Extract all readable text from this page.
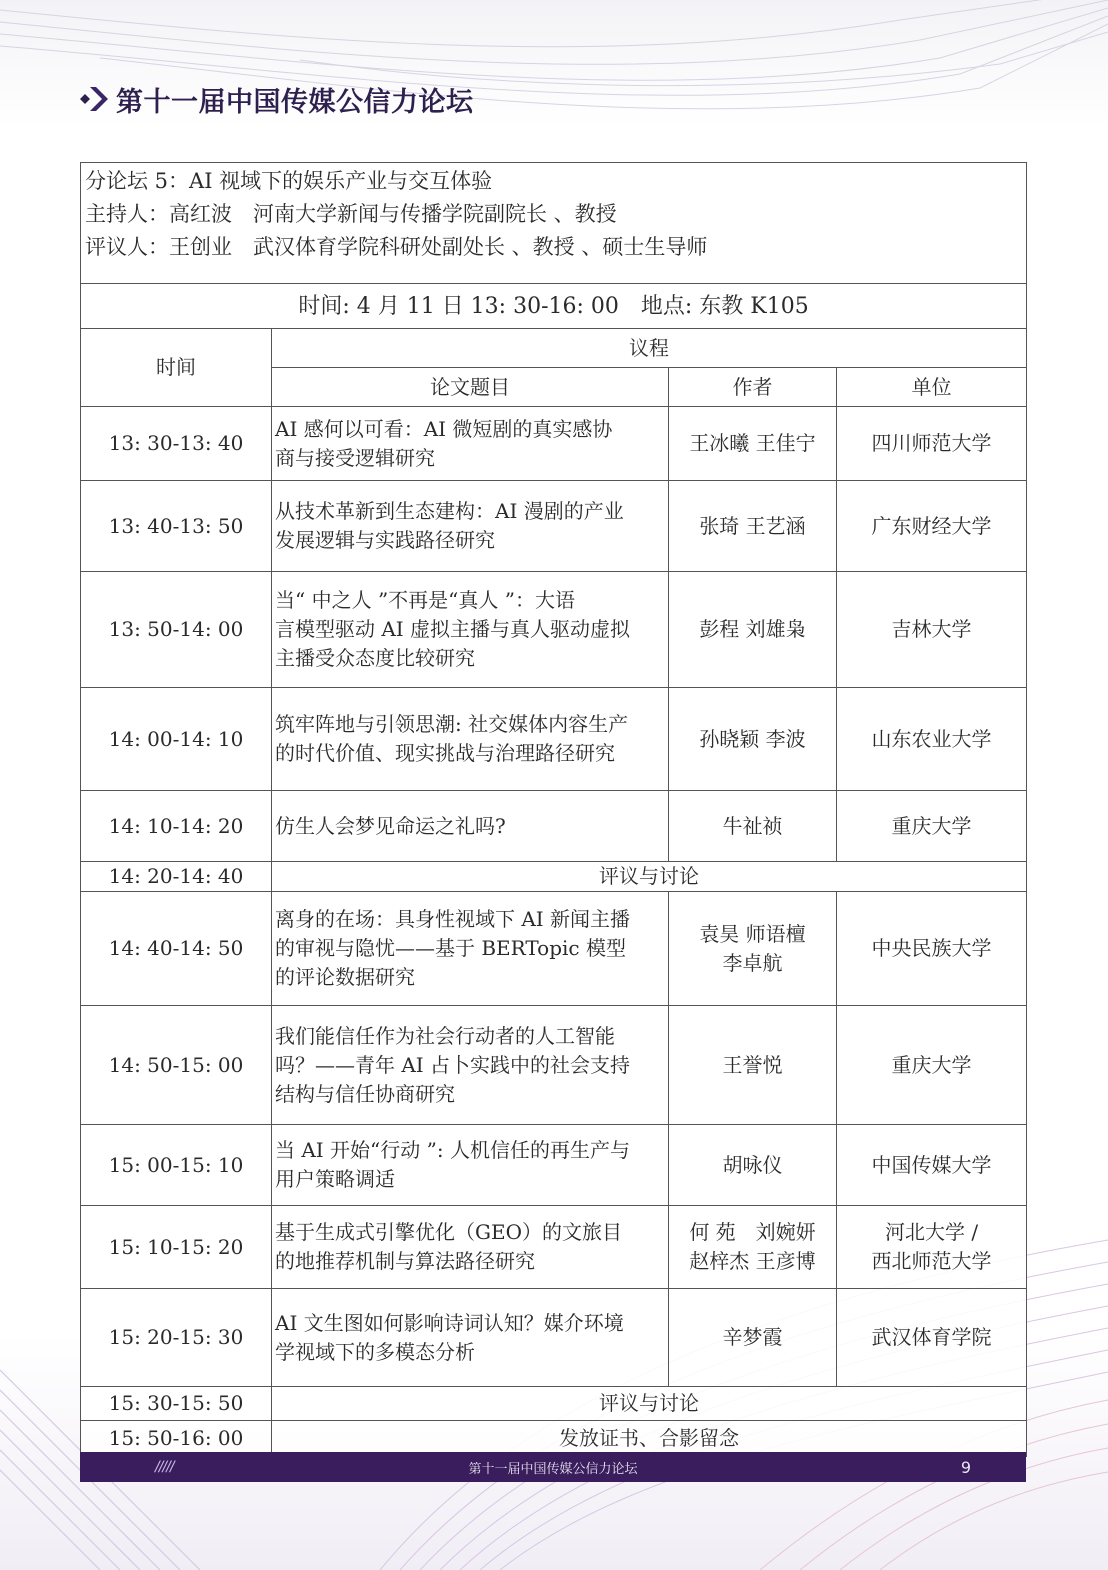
第十一届中国传媒公信力论坛
分论坛 5：AI 视域下的娱乐产业与交互体验
主持人：高红波　河南大学新闻与传播学院副院长 、教授
评议人：王创业　武汉体育学院科研处副处长 、教授 、硕士生导师			

时间: 4 月 11 日 13: 30-16: 00　地点: 东教 K105			
时间	议程		
	论文题目	作者	单位
13: 30-13: 40	AI 感何以可看：AI 微短剧的真实感协
商与接受逻辑研究	王冰曦 王佳宁	四川师范大学

13: 40-13: 50	从技术革新到生态建构：AI 漫剧的产业
发展逻辑与实践路径研究	张琦 王艺涵	广东财经大学

13: 50-14: 00	当“ 中之人 ”不再是“真人 ”：大语
言模型驱动 AI 虚拟主播与真人驱动虚拟
主播受众态度比较研究	彭程 刘雄枭	吉林大学

14: 00-14: 10	筑牢阵地与引领思潮: 社交媒体内容生产
的时代价值、现实挑战与治理路径研究	孙晓颖 李波	山东农业大学

14: 10-14: 20	仿生人会梦见命运之礼吗?	牛祉祯	重庆大学

14: 20-14: 40	评议与讨论		
14: 40-14: 50	离身的在场：具身性视域下 AI 新闻主播
的审视与隐忧——基于 BERTopic 模型
的评论数据研究	袁昊 师语檀
李卓航	中央民族大学

14: 50-15: 00	我们能信任作为社会行动者的人工智能
吗？——青年 AI 占卜实践中的社会支持
结构与信任协商研究	王誉悦	重庆大学

15: 00-15: 10	当 AI 开始“行动 ”: 人机信任的再生产与
用户策略调适	胡咏仪	中国传媒大学

15: 10-15: 20	基于生成式引擎优化（GEO）的文旅目
的地推荐机制与算法路径研究	何 苑　刘婉妍
赵梓杰 王彦博	河北大学 /
西北师范大学

15: 20-15: 30	AI 文生图如何影响诗词认知？媒介环境
学视域下的多模态分析	辛梦霞	武汉体育学院

15: 30-15: 50	评议与讨论		
15: 50-16: 00	发放证书、合影留念		
/////	第十一届中国传媒公信力论坛	9
